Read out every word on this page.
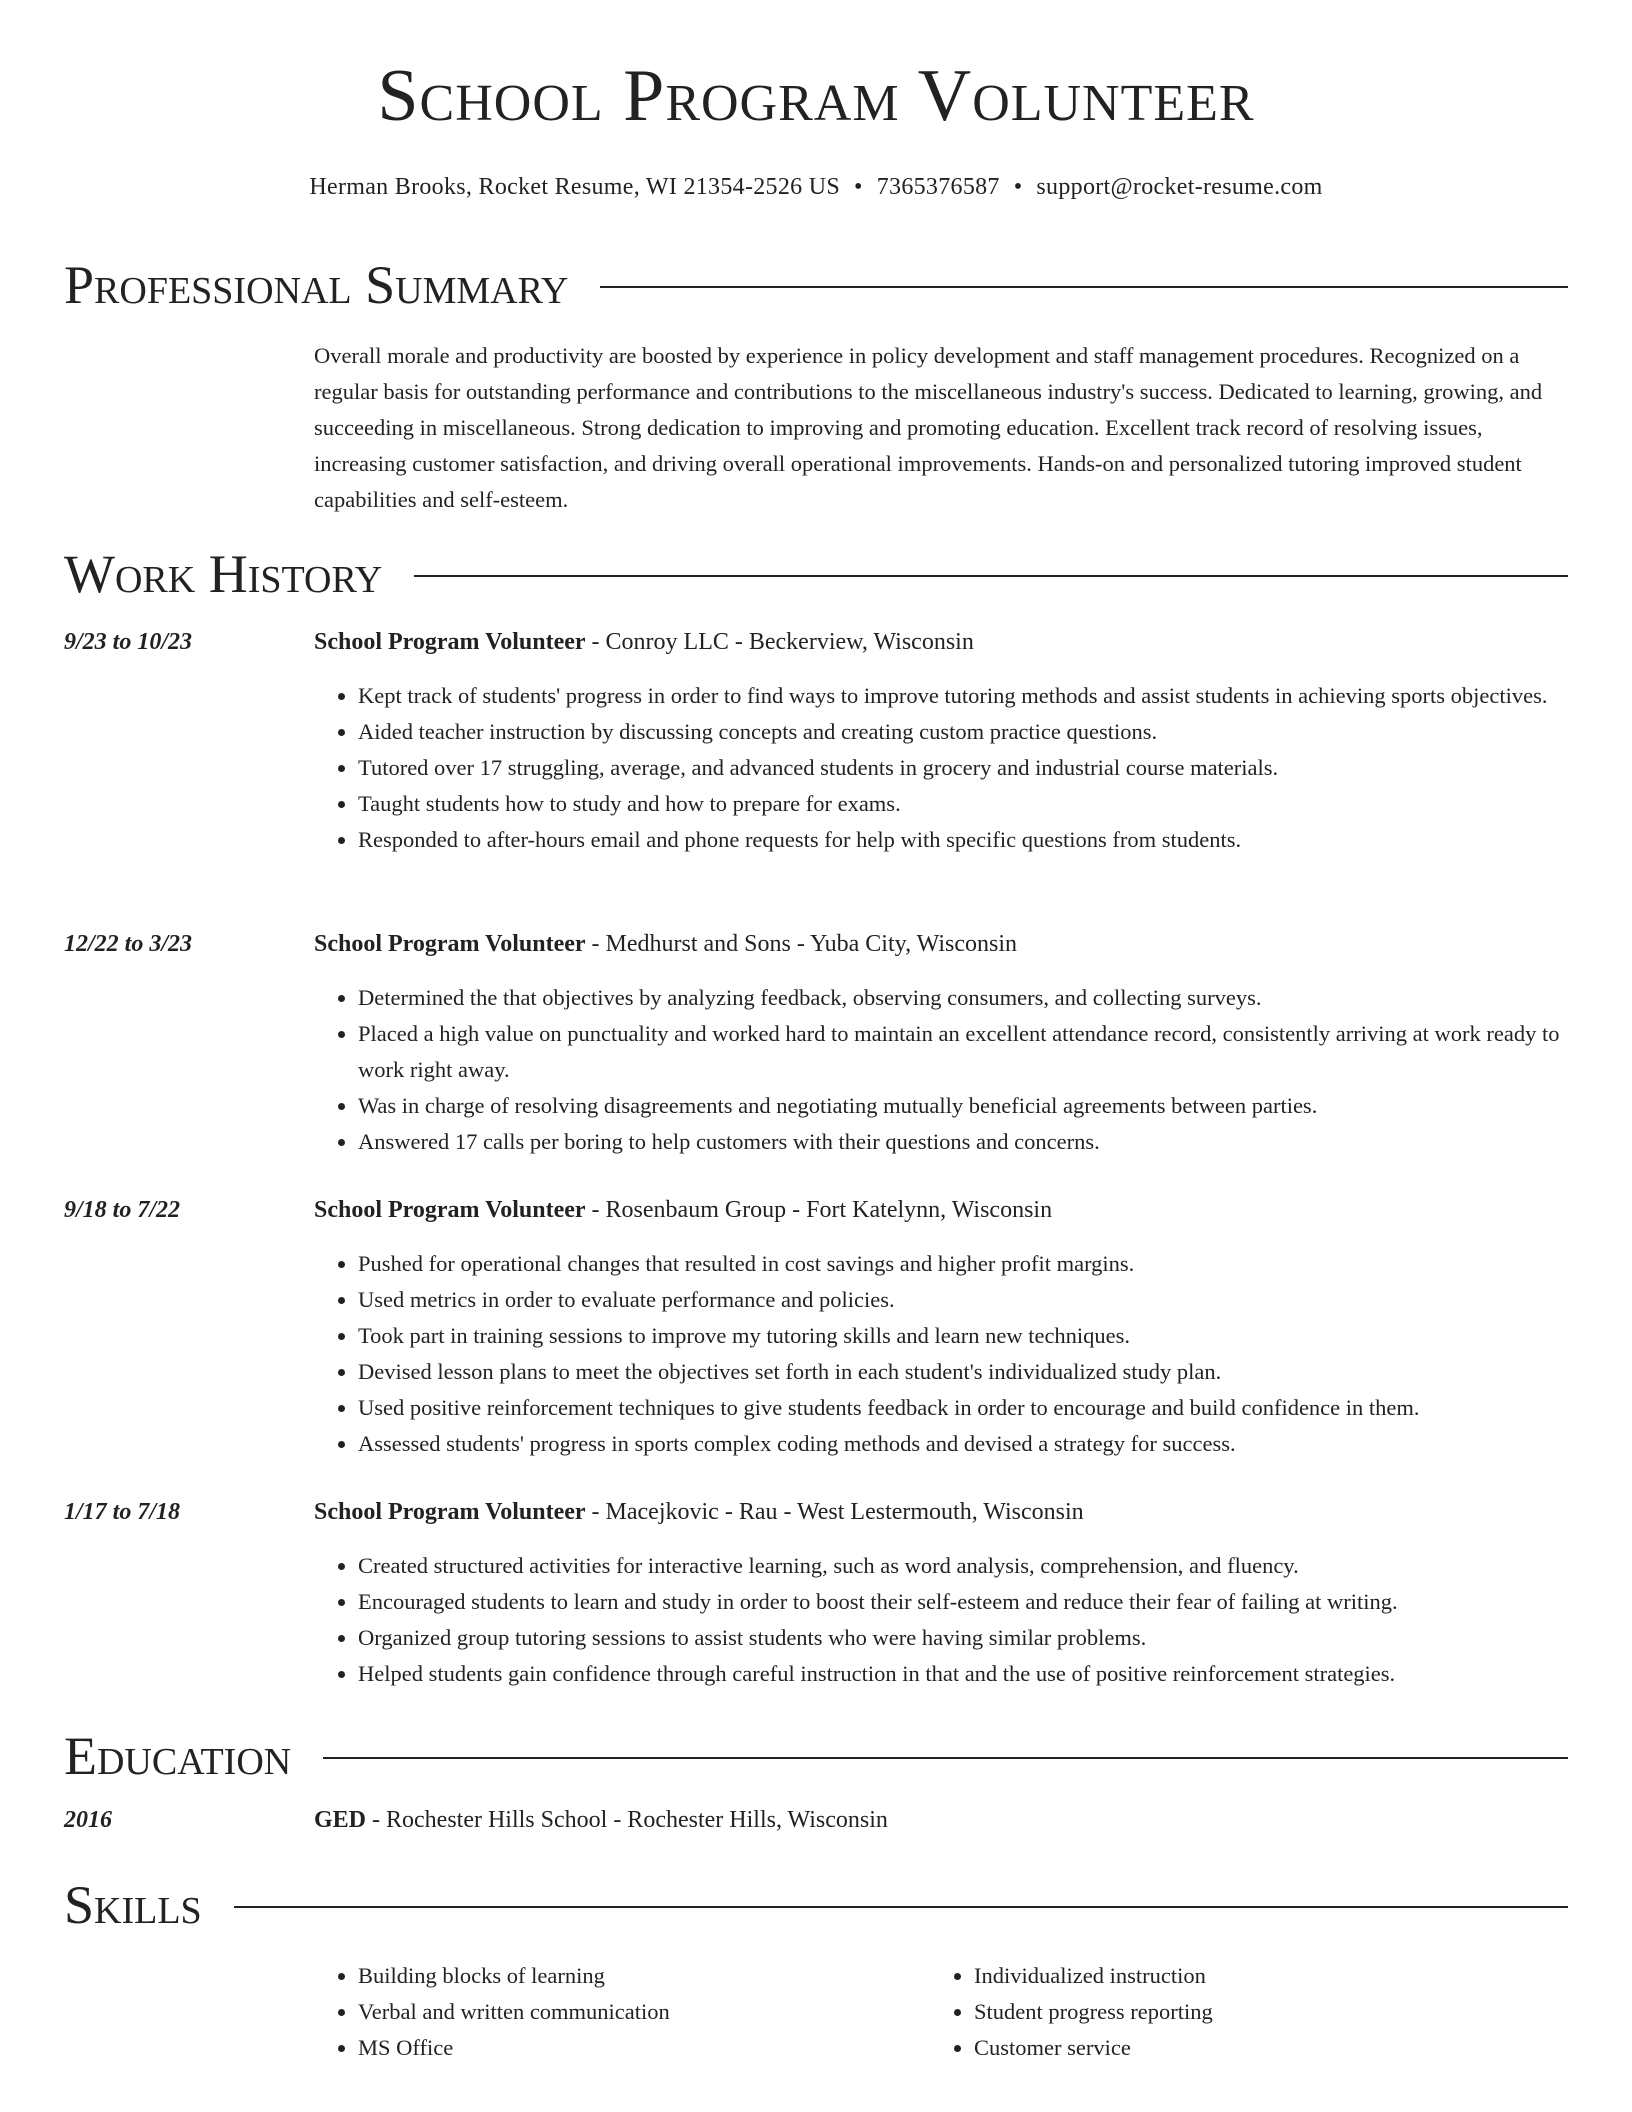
School Program Volunteer
Herman Brooks, Rocket Resume, WI 21354-2526 US • 7365376587 • support@rocket-resume.com
Professional Summary
Overall morale and productivity are boosted by experience in policy development and staff management procedures. Recognized on a regular basis for outstanding performance and contributions to the miscellaneous industry's success. Dedicated to learning, growing, and succeeding in miscellaneous. Strong dedication to improving and promoting education. Excellent track record of resolving issues, increasing customer satisfaction, and driving overall operational improvements. Hands-on and personalized tutoring improved student capabilities and self-esteem.
Work History
9/23 to 10/23	School Program Volunteer - Conroy LLC - Beckerview, Wisconsin
• Kept track of students' progress in order to find ways to improve tutoring methods and assist students in achieving sports objectives.
• Aided teacher instruction by discussing concepts and creating custom practice questions.
• Tutored over 17 struggling, average, and advanced students in grocery and industrial course materials.
• Taught students how to study and how to prepare for exams.
• Responded to after-hours email and phone requests for help with specific questions from students.
12/22 to 3/23	School Program Volunteer - Medhurst and Sons - Yuba City, Wisconsin
• Determined the that objectives by analyzing feedback, observing consumers, and collecting surveys.
• Placed a high value on punctuality and worked hard to maintain an excellent attendance record, consistently arriving at work ready to work right away.
• Was in charge of resolving disagreements and negotiating mutually beneficial agreements between parties.
• Answered 17 calls per boring to help customers with their questions and concerns.
9/18 to 7/22	School Program Volunteer - Rosenbaum Group - Fort Katelynn, Wisconsin
• Pushed for operational changes that resulted in cost savings and higher profit margins.
• Used metrics in order to evaluate performance and policies.
• Took part in training sessions to improve my tutoring skills and learn new techniques.
• Devised lesson plans to meet the objectives set forth in each student's individualized study plan.
• Used positive reinforcement techniques to give students feedback in order to encourage and build confidence in them.
• Assessed students' progress in sports complex coding methods and devised a strategy for success.
1/17 to 7/18	School Program Volunteer - Macejkovic - Rau - West Lestermouth, Wisconsin
• Created structured activities for interactive learning, such as word analysis, comprehension, and fluency.
• Encouraged students to learn and study in order to boost their self-esteem and reduce their fear of failing at writing.
• Organized group tutoring sessions to assist students who were having similar problems.
• Helped students gain confidence through careful instruction in that and the use of positive reinforcement strategies.
Education
2016	GED - Rochester Hills School - Rochester Hills, Wisconsin
Skills
• Building blocks of learning
• Verbal and written communication
• MS Office
• Individualized instruction
• Student progress reporting
• Customer service
